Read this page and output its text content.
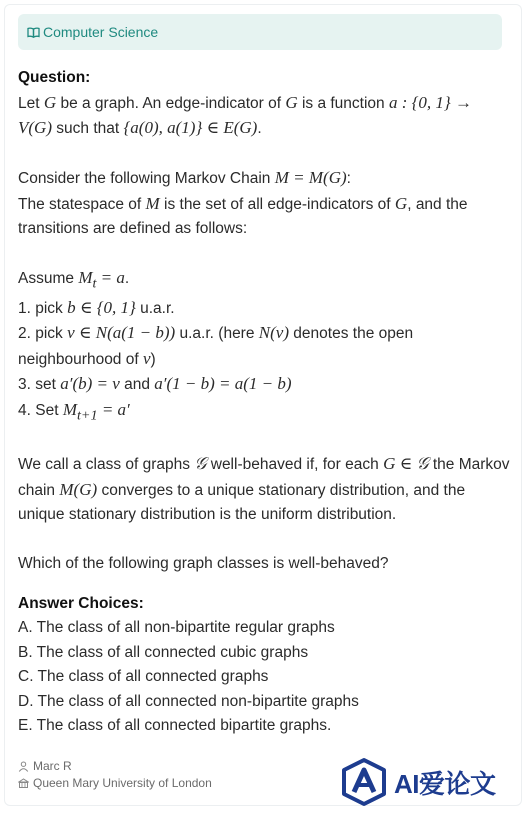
Computer Science

Question:

Let G be a graph. An edge-indicator of G is a function a : {0, 1} → V(G) such that {a(0), a(1)} ∈ E(G).

Consider the following Markov Chain M = M(G):

The statespace of M is the set of all edge-indicators of G, and the transitions are defined as follows:

Assume $M_t = a$.

1. pick b ∈ {0, 1} u.a.r.

2. pick v ∈ N(a(1 − b)) u.a.r. (here N(v) denotes the open neighbourhood of v)

3. set a′(b) = v and a′(1 − b) = a(1 − b)

4. Set $M_{t+1} = a'$

We call a class of graphs 𝒢 well-behaved if, for each G ∈ 𝒢 the Markov chain M(G) converges to a unique stationary distribution, and the unique stationary distribution is the uniform distribution.

Which of the following graph classes is well-behaved?

Answer Choices:

A. The class of all non-bipartite regular graphs
B. The class of all connected cubic graphs
C. The class of all connected graphs
D. The class of all connected non-bipartite graphs
E. The class of all connected bipartite graphs.
Marc R
Queen Mary University of London	AI爱论文
